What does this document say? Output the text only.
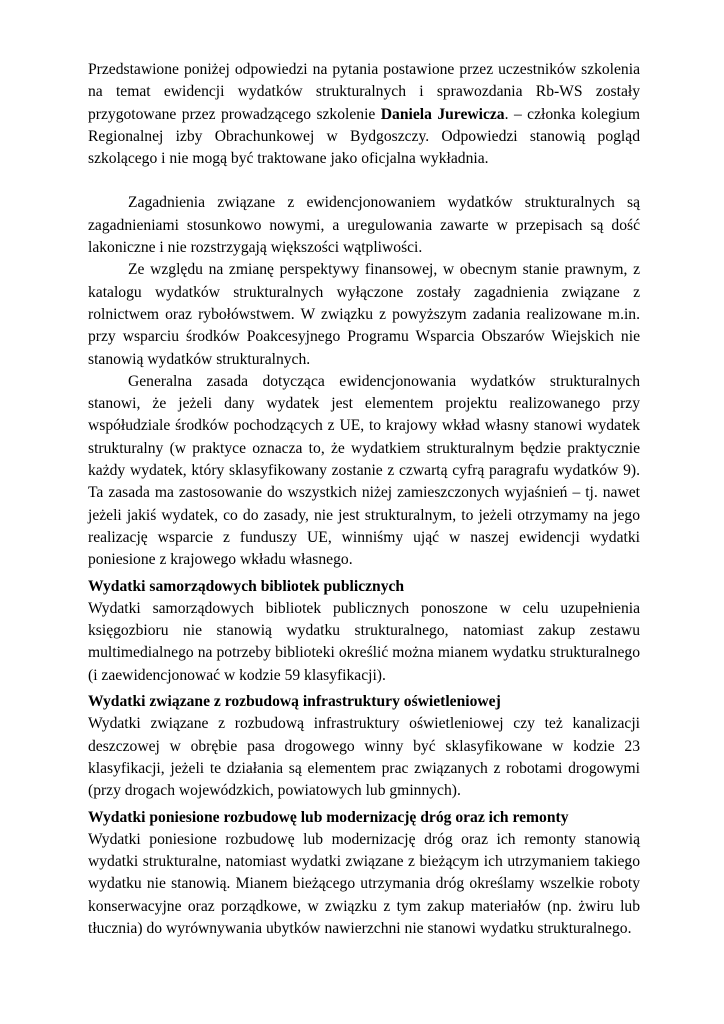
Przedstawione poniżej odpowiedzi na pytania postawione przez uczestników szkolenia na temat ewidencji wydatków strukturalnych i sprawozdania Rb-WS zostały przygotowane przez prowadzącego szkolenie Daniela Jurewicza. – członka kolegium Regionalnej izby Obrachunkowej w Bydgoszczy. Odpowiedzi stanowią pogląd szkolącego i nie mogą być traktowane jako oficjalna wykładnia.

Zagadnienia związane z ewidencjonowaniem wydatków strukturalnych są zagadnieniami stosunkowo nowymi, a uregulowania zawarte w przepisach są dość lakoniczne i nie rozstrzygają większości wątpliwości.

Ze względu na zmianę perspektywy finansowej, w obecnym stanie prawnym, z katalogu wydatków strukturalnych wyłączone zostały zagadnienia związane z rolnictwem oraz rybołówstwem. W związku z powyższym zadania realizowane m.in. przy wsparciu środków Poakcesyjnego Programu Wsparcia Obszarów Wiejskich nie stanowią wydatków strukturalnych.

Generalna zasada dotycząca ewidencjonowania wydatków strukturalnych stanowi, że jeżeli dany wydatek jest elementem projektu realizowanego przy współudziale środków pochodzących z UE, to krajowy wkład własny stanowi wydatek strukturalny (w praktyce oznacza to, że wydatkiem strukturalnym będzie praktycznie każdy wydatek, który sklasyfikowany zostanie z czwartą cyfrą paragrafu wydatków 9). Ta zasada ma zastosowanie do wszystkich niżej zamieszczonych wyjaśnień – tj. nawet jeżeli jakiś wydatek, co do zasady, nie jest strukturalnym, to jeżeli otrzymamy na jego realizację wsparcie z funduszy UE, winniśmy ująć w naszej ewidencji wydatki poniesione z krajowego wkładu własnego.

Wydatki samorządowych bibliotek publicznych

Wydatki samorządowych bibliotek publicznych ponoszone w celu uzupełnienia księgozbioru nie stanowią wydatku strukturalnego, natomiast zakup zestawu multimedialnego na potrzeby biblioteki określić można mianem wydatku strukturalnego (i zaewidencjonować w kodzie 59 klasyfikacji).

Wydatki związane z rozbudową infrastruktury oświetleniowej

Wydatki związane z rozbudową infrastruktury oświetleniowej czy też kanalizacji deszczowej w obrębie pasa drogowego winny być sklasyfikowane w kodzie 23 klasyfikacji, jeżeli te działania są elementem prac związanych z robotami drogowymi (przy drogach wojewódzkich, powiatowych lub gminnych).

Wydatki poniesione rozbudowę lub modernizację dróg oraz ich remonty

Wydatki poniesione rozbudowę lub modernizację dróg oraz ich remonty stanowią wydatki strukturalne, natomiast wydatki związane z bieżącym ich utrzymaniem takiego wydatku nie stanowią. Mianem bieżącego utrzymania dróg określamy wszelkie roboty konserwacyjne oraz porządkowe, w związku z tym zakup materiałów (np. żwiru lub tłucznia) do wyrównywania ubytków nawierzchni nie stanowi wydatku strukturalnego.
